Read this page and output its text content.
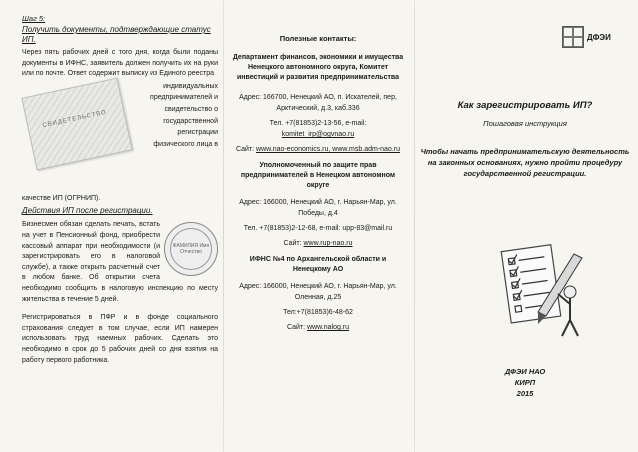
Шаг 5:

Получить документы, подтверждающие статус ИП.

Через пять рабочих дней с того дня, когда были поданы документы в ИФНС, заявитель должен получить их на руки или по почте. Ответ содержит выписку из Единого реестра

СВИДЕТЕЛЬСТВО
индивидуальных
предпринимателей и
свидетельство о
государственной
регистрации
физического лица в

качестве ИП (ОГРНИП).

Действия ИП после регистрации.

ФАМИЛИЯ Имя Отчество
Бизнесмен обязан сделать печать, встать на учет в Пенсионный фонд, приобрести кассовый аппарат при необходимости (и зарегистрировать его в налоговой службе), а также открыть расчетный счет в любом банке. Об открытии счета необходимо сообщить в налоговую инспекцию по месту жительства в течение 5 дней.

Регистрироваться в ПФР и в фонде социального страхования следует в том случае, если ИП намерен использовать труд наемных рабочих. Сделать это необходимо в срок до 5 рабочих дней со дня взятия на работу первого работника.

Полезные контакты:

Департамент финансов, экономики и имущества Ненецкого автономного округа, Комитет инвестиций и развития предпринимательства

Адрес: 166700, Ненецкий АО, п. Искателей, пер, Арктический, д.3, каб.336

Тел. +7(81853)2-13-56, e-mail:

komitet_irp@ogvnao.ru

Сайт: www.nao-economics.ru, www.msb.adm-nao.ru

Уполномоченный по защите прав предпринимателей в Ненецком автономном округе

Адрес: 166000, Ненецкий АО, г. Нарьян-Мар, ул. Победы, д.4

Тел. +7(81853)2-12-68, e-mail: upp-83@mail.ru

Сайт: www.rup-nao.ru

ИФНС №4 по Архангельской области и Ненецкому АО

Адрес: 166000, Ненецкий АО, г. Нарьян-Мар, ул. Оленная, д.25

Тел:+7(81853)6-48-62

Сайт: www.nalog.ru

ДФЭИ
Как зарегистрировать ИП?

Пошаговая инструкция

Чтобы начать предпринимательскую деятельность на законных основаниях, нужно пройти процедуру государственной регистрации.

ДФЭИ НАО
КИРП
2015
